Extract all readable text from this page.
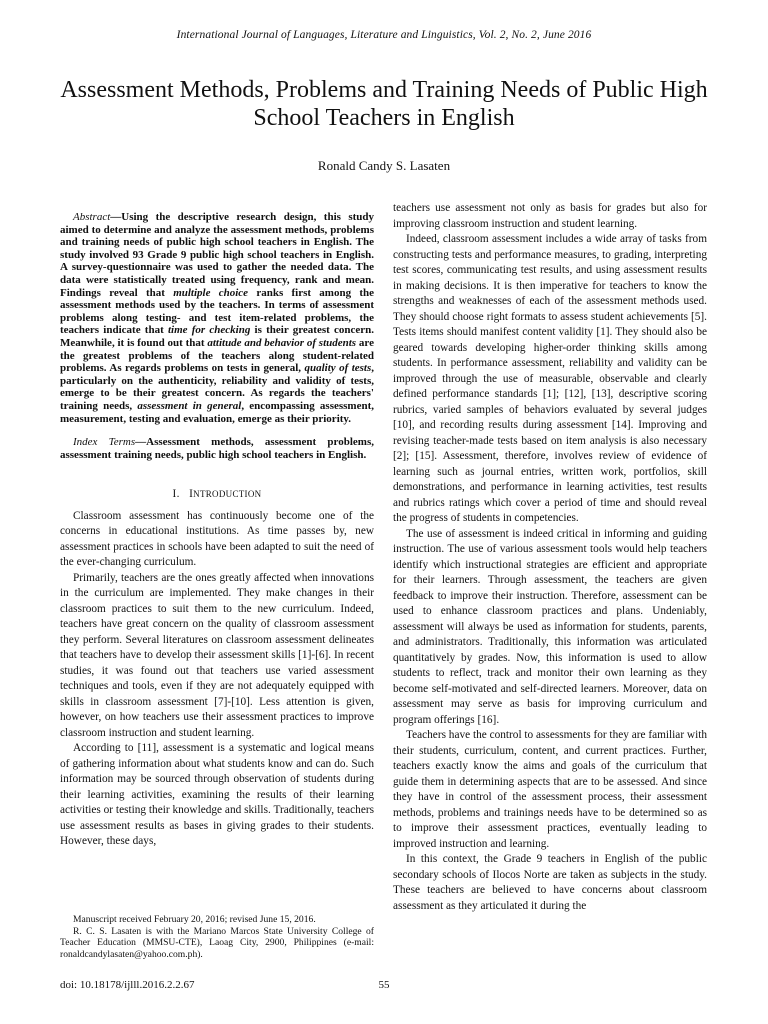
International Journal of Languages, Literature and Linguistics, Vol. 2, No. 2, June 2016
Assessment Methods, Problems and Training Needs of Public High School Teachers in English
Ronald Candy S. Lasaten

Abstract—Using the descriptive research design, this study aimed to determine and analyze the assessment methods, problems and training needs of public high school teachers in English. The study involved 93 Grade 9 public high school teachers in English. A survey-questionnaire was used to gather the needed data. The data were statistically treated using frequency, rank and mean. Findings reveal that multiple choice ranks first among the assessment methods used by the teachers. In terms of assessment problems along testing- and test item-related problems, the teachers indicate that time for checking is their greatest concern. Meanwhile, it is found out that attitude and behavior of students are the greatest problems of the teachers along student-related problems. As regards problems on tests in general, quality of tests, particularly on the authenticity, reliability and validity of tests, emerge to be their greatest concern. As regards the teachers' training needs, assessment in general, encompassing assessment, measurement, testing and evaluation, emerge as their priority.

Index Terms—Assessment methods, assessment problems, assessment training needs, public high school teachers in English.

I. INTRODUCTION

Classroom assessment has continuously become one of the concerns in educational institutions. As time passes by, new assessment practices in schools have been adapted to suit the need of the ever-changing curriculum.

Primarily, teachers are the ones greatly affected when innovations in the curriculum are implemented. They make changes in their classroom practices to suit them to the new curriculum. Indeed, teachers have great concern on the quality of classroom assessment they perform. Several literatures on classroom assessment delineates that teachers have to develop their assessment skills [1]-[6]. In recent studies, it was found out that teachers use varied assessment techniques and tools, even if they are not adequately equipped with skills in classroom assessment [7]-[10]. Less attention is given, however, on how teachers use their assessment practices to improve classroom instruction and student learning.

According to [11], assessment is a systematic and logical means of gathering information about what students know and can do. Such information may be sourced through observation of students during their learning activities, examining the results of their learning activities or testing their knowledge and skills. Traditionally, teachers use assessment results as bases in giving grades to their students. However, these days,

teachers use assessment not only as basis for grades but also for improving classroom instruction and student learning.

Indeed, classroom assessment includes a wide array of tasks from constructing tests and performance measures, to grading, interpreting test scores, communicating test results, and using assessment results in making decisions. It is then imperative for teachers to know the strengths and weaknesses of each of the assessment methods used. They should choose right formats to assess student achievements [5]. Tests items should manifest content validity [1]. They should also be geared towards developing higher-order thinking skills among students. In performance assessment, reliability and validity can be improved through the use of measurable, observable and clearly defined performance standards [1]; [12], [13], descriptive scoring rubrics, varied samples of behaviors evaluated by several judges [10], and recording results during assessment [14]. Improving and revising teacher-made tests based on item analysis is also necessary [2]; [15]. Assessment, therefore, involves review of evidence of learning such as journal entries, written work, portfolios, skill demonstrations, and performance in learning activities, test results and rubrics ratings which cover a period of time and should reveal the progress of students in competencies.

The use of assessment is indeed critical in informing and guiding instruction. The use of various assessment tools would help teachers identify which instructional strategies are efficient and appropriate for their learners. Through assessment, the teachers are given feedback to improve their instruction. Therefore, assessment can be used to enhance classroom practices and plans. Undeniably, assessment will always be used as information for students, parents, and administrators. Traditionally, this information was articulated quantitatively by grades. Now, this information is used to allow students to reflect, track and monitor their own learning as they become self-motivated and self-directed learners. Moreover, data on assessment may serve as basis for improving curriculum and program offerings [16].

Teachers have the control to assessments for they are familiar with their students, curriculum, content, and current practices. Further, teachers exactly know the aims and goals of the curriculum that guide them in determining aspects that are to be assessed. And since they have in control of the assessment process, their assessment methods, problems and trainings needs have to be determined so as to improve their assessment practices, eventually leading to improved instruction and learning.

In this context, the Grade 9 teachers in English of the public secondary schools of Ilocos Norte are taken as subjects in the study. These teachers are believed to have concerns about classroom assessment as they articulated it during the

Manuscript received February 20, 2016; revised June 15, 2016.

R. C. S. Lasaten is with the Mariano Marcos State University College of Teacher Education (MMSU-CTE), Laoag City, 2900, Philippines (e-mail: ronaldcandylasaten@yahoo.com.ph).

doi: 10.18178/ijlll.2016.2.2.67	55
